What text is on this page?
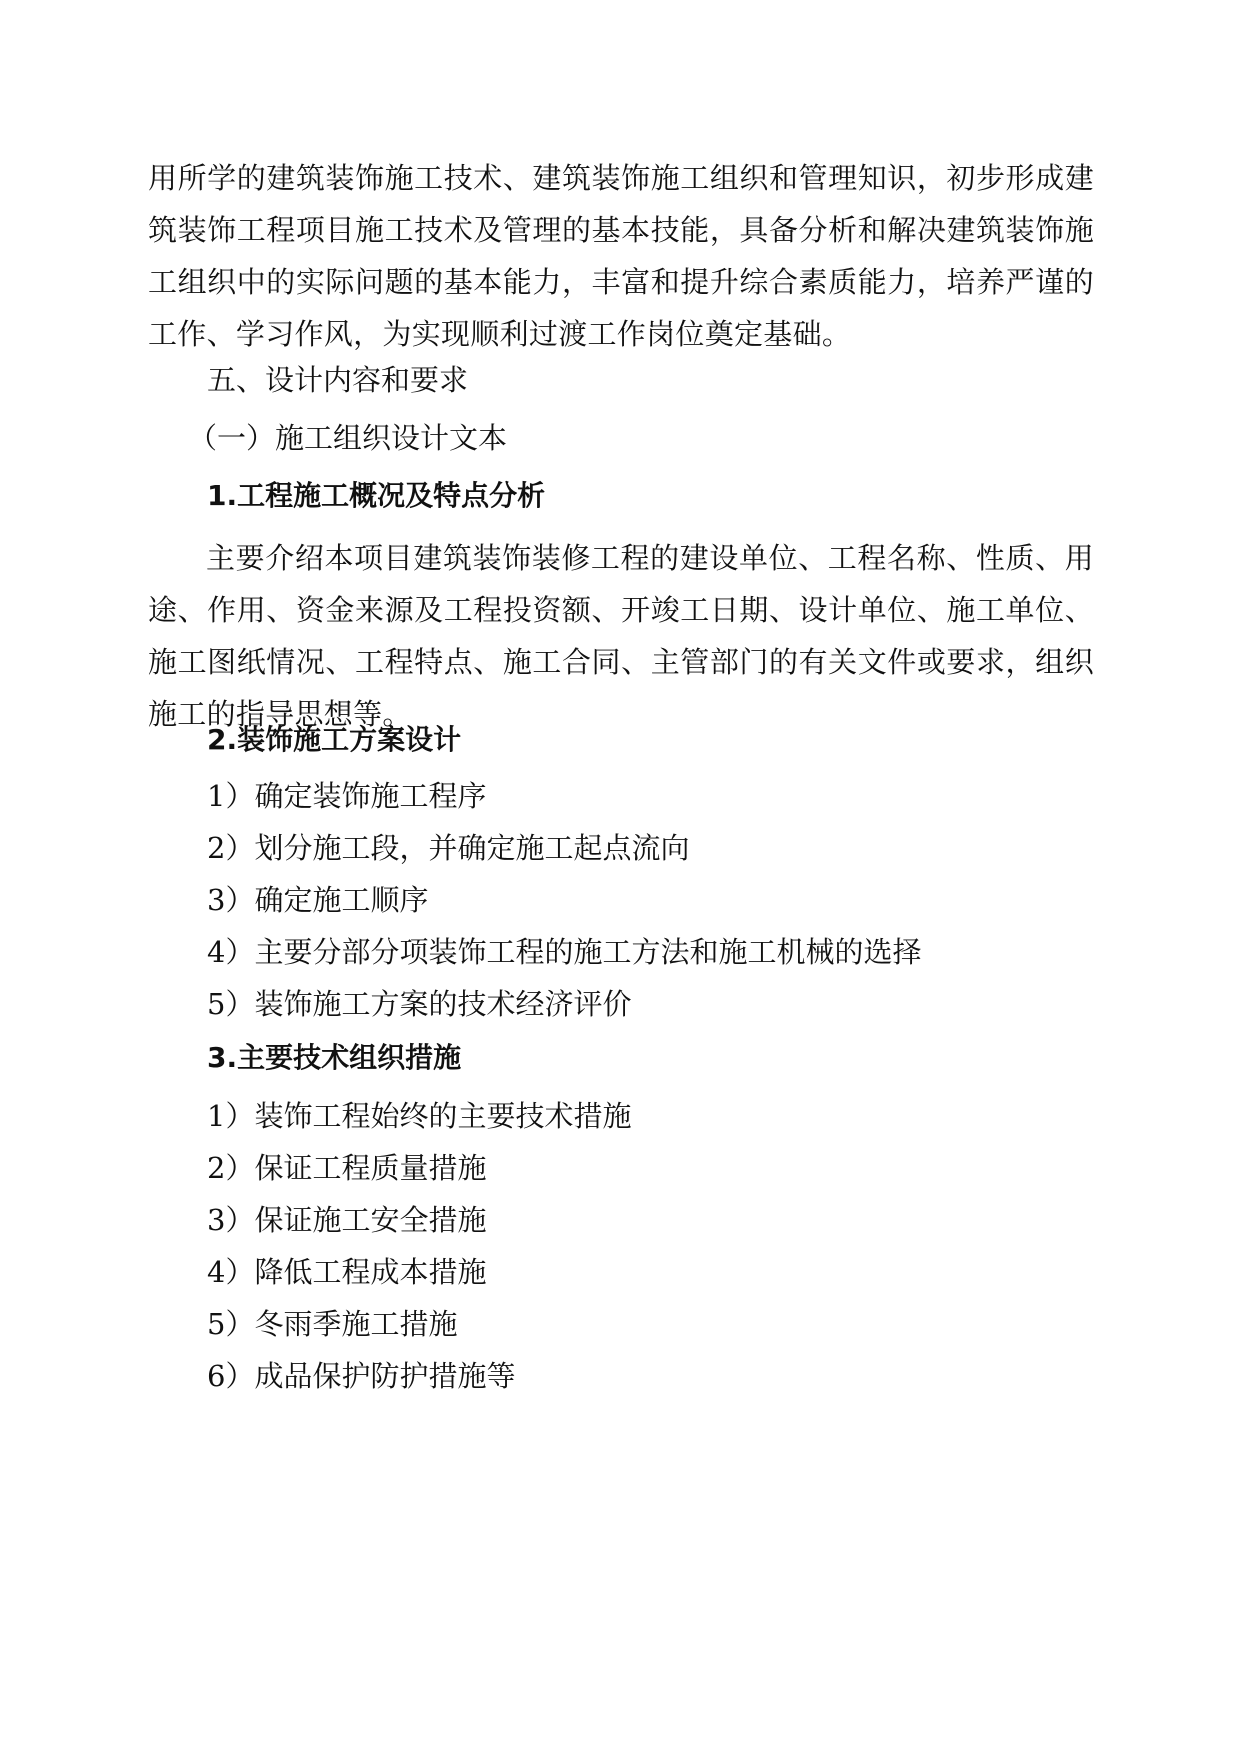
用所学的建筑装饰施工技术、建筑装饰施工组织和管理知识，初步形成建筑装饰工程项目施工技术及管理的基本技能，具备分析和解决建筑装饰施工组织中的实际问题的基本能力，丰富和提升综合素质能力，培养严谨的工作、学习作风，为实现顺利过渡工作岗位奠定基础。

五、设计内容和要求

（一）施工组织设计文本

1.工程施工概况及特点分析

主要介绍本项目建筑装饰装修工程的建设单位、工程名称、性质、用途、作用、资金来源及工程投资额、开竣工日期、设计单位、施工单位、施工图纸情况、工程特点、施工合同、主管部门的有关文件或要求，组织施工的指导思想等。

2.装饰施工方案设计

1）确定装饰施工程序

2）划分施工段，并确定施工起点流向

3）确定施工顺序

4）主要分部分项装饰工程的施工方法和施工机械的选择

5）装饰施工方案的技术经济评价

3.主要技术组织措施

1）装饰工程始终的主要技术措施

2）保证工程质量措施

3）保证施工安全措施

4）降低工程成本措施

5）冬雨季施工措施

6）成品保护防护措施等
